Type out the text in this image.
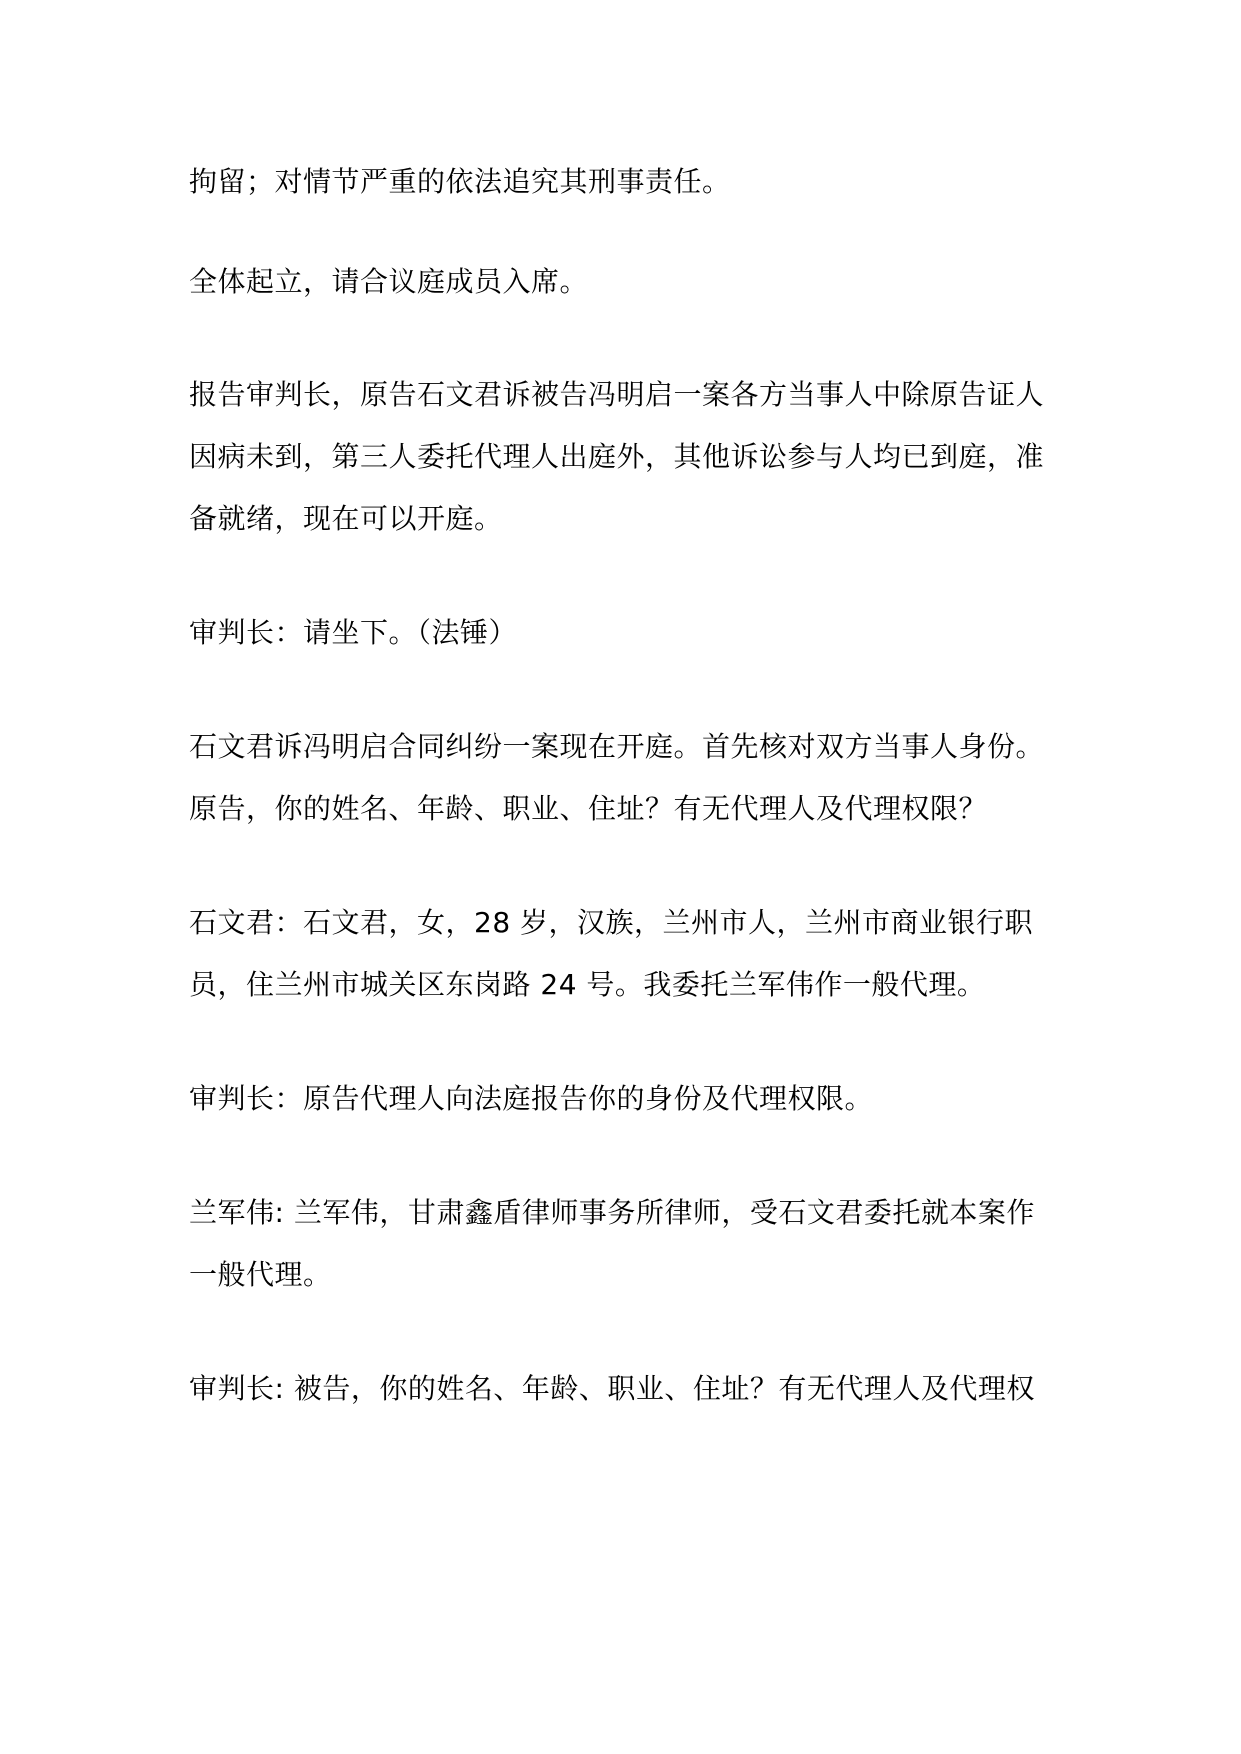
拘留；对情节严重的依法追究其刑事责任。
全体起立，请合议庭成员入席。
报告审判长，原告石文君诉被告冯明启一案各方当事人中除原告证人
因病未到，第三人委托代理人出庭外，其他诉讼参与人均已到庭，准
备就绪，现在可以开庭。
审判长：请坐下。（法锤）
石文君诉冯明启合同纠纷一案现在开庭。首先核对双方当事人身份。
原告，你的姓名、年龄、职业、住址？有无代理人及代理权限？
石文君：石文君，女，28 岁，汉族，兰州市人，兰州市商业银行职
员，住兰州市城关区东岗路 24 号。我委托兰军伟作一般代理。
审判长：原告代理人向法庭报告你的身份及代理权限。
兰军伟: 兰军伟，甘肃鑫盾律师事务所律师，受石文君委托就本案作
一般代理。
审判长: 被告，你的姓名、年龄、职业、住址？有无代理人及代理权
